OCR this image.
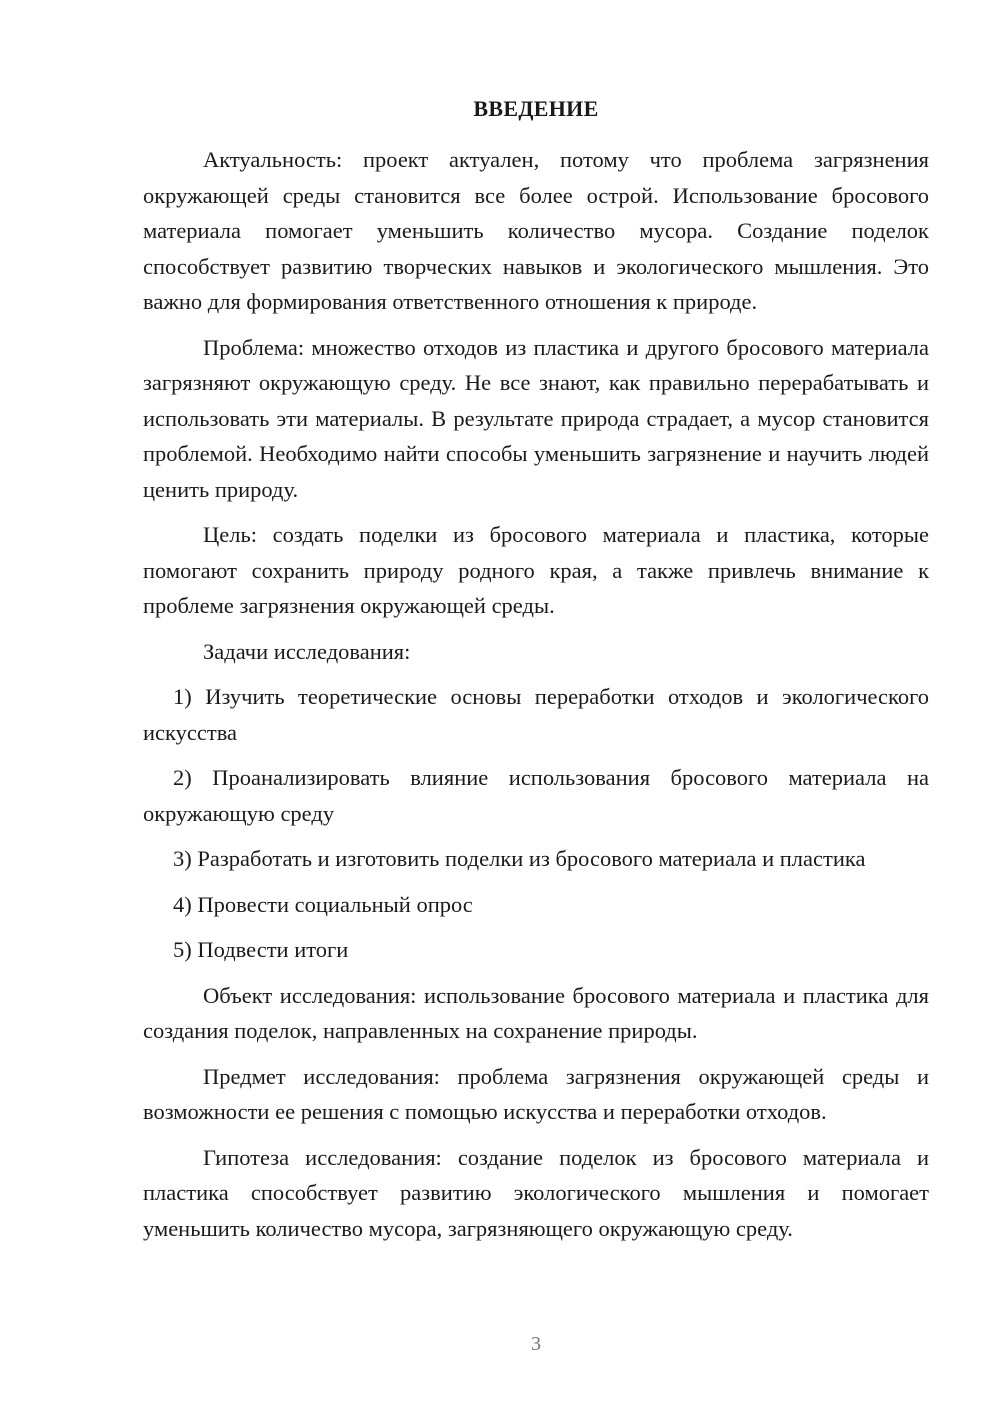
ВВЕДЕНИЕ

Актуальность: проект актуален, потому что проблема загрязнения окружающей среды становится все более острой. Использование бросового материала помогает уменьшить количество мусора. Создание поделок способствует развитию творческих навыков и экологического мышления. Это важно для формирования ответственного отношения к природе.

Проблема: множество отходов из пластика и другого бросового материала загрязняют окружающую среду. Не все знают, как правильно перерабатывать и использовать эти материалы. В результате природа страдает, а мусор становится проблемой. Необходимо найти способы уменьшить загрязнение и научить людей ценить природу.

Цель: создать поделки из бросового материала и пластика, которые помогают сохранить природу родного края, а также привлечь внимание к проблеме загрязнения окружающей среды.

Задачи исследования:

1) Изучить теоретические основы переработки отходов и экологического искусства

2) Проанализировать влияние использования бросового материала на окружающую среду

3) Разработать и изготовить поделки из бросового материала и пластика

4) Провести социальный опрос

5) Подвести итоги

Объект исследования: использование бросового материала и пластика для создания поделок, направленных на сохранение природы.

Предмет исследования: проблема загрязнения окружающей среды и возможности ее решения с помощью искусства и переработки отходов.

Гипотеза исследования: создание поделок из бросового материала и пластика способствует развитию экологического мышления и помогает уменьшить количество мусора, загрязняющего окружающую среду.

3
